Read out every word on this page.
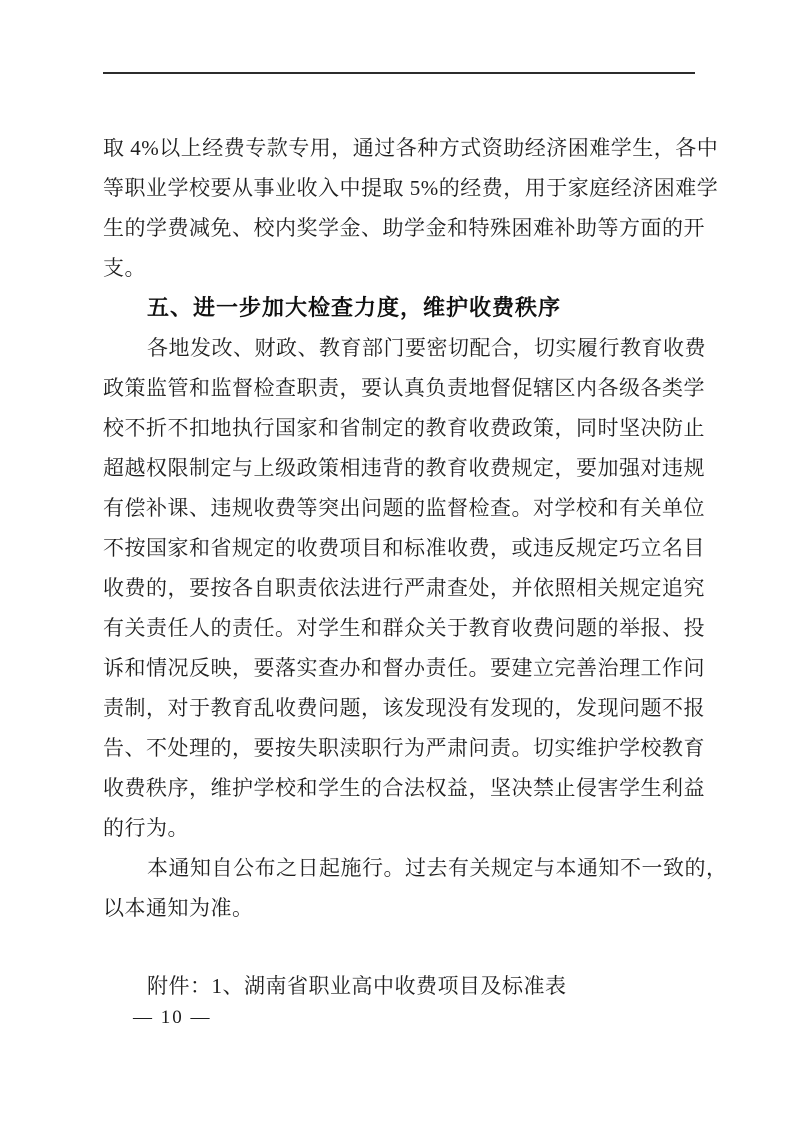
取 4%以上经费专款专用，通过各种方式资助经济困难学生，各中
等职业学校要从事业收入中提取 5%的经费，用于家庭经济困难学
生的学费减免、校内奖学金、助学金和特殊困难补助等方面的开
支。
五、进一步加大检查力度，维护收费秩序
各地发改、财政、教育部门要密切配合，切实履行教育收费
政策监管和监督检查职责，要认真负责地督促辖区内各级各类学
校不折不扣地执行国家和省制定的教育收费政策，同时坚决防止
超越权限制定与上级政策相违背的教育收费规定，要加强对违规
有偿补课、违规收费等突出问题的监督检查。对学校和有关单位
不按国家和省规定的收费项目和标准收费，或违反规定巧立名目
收费的，要按各自职责依法进行严肃查处，并依照相关规定追究
有关责任人的责任。对学生和群众关于教育收费问题的举报、投
诉和情况反映，要落实查办和督办责任。要建立完善治理工作问
责制，对于教育乱收费问题，该发现没有发现的，发现问题不报
告、不处理的，要按失职渎职行为严肃问责。切实维护学校教育
收费秩序，维护学校和学生的合法权益，坚决禁止侵害学生利益
的行为。
本通知自公布之日起施行。过去有关规定与本通知不一致的，
以本通知为准。
附件：1、湖南省职业高中收费项目及标准表
— 10 —
